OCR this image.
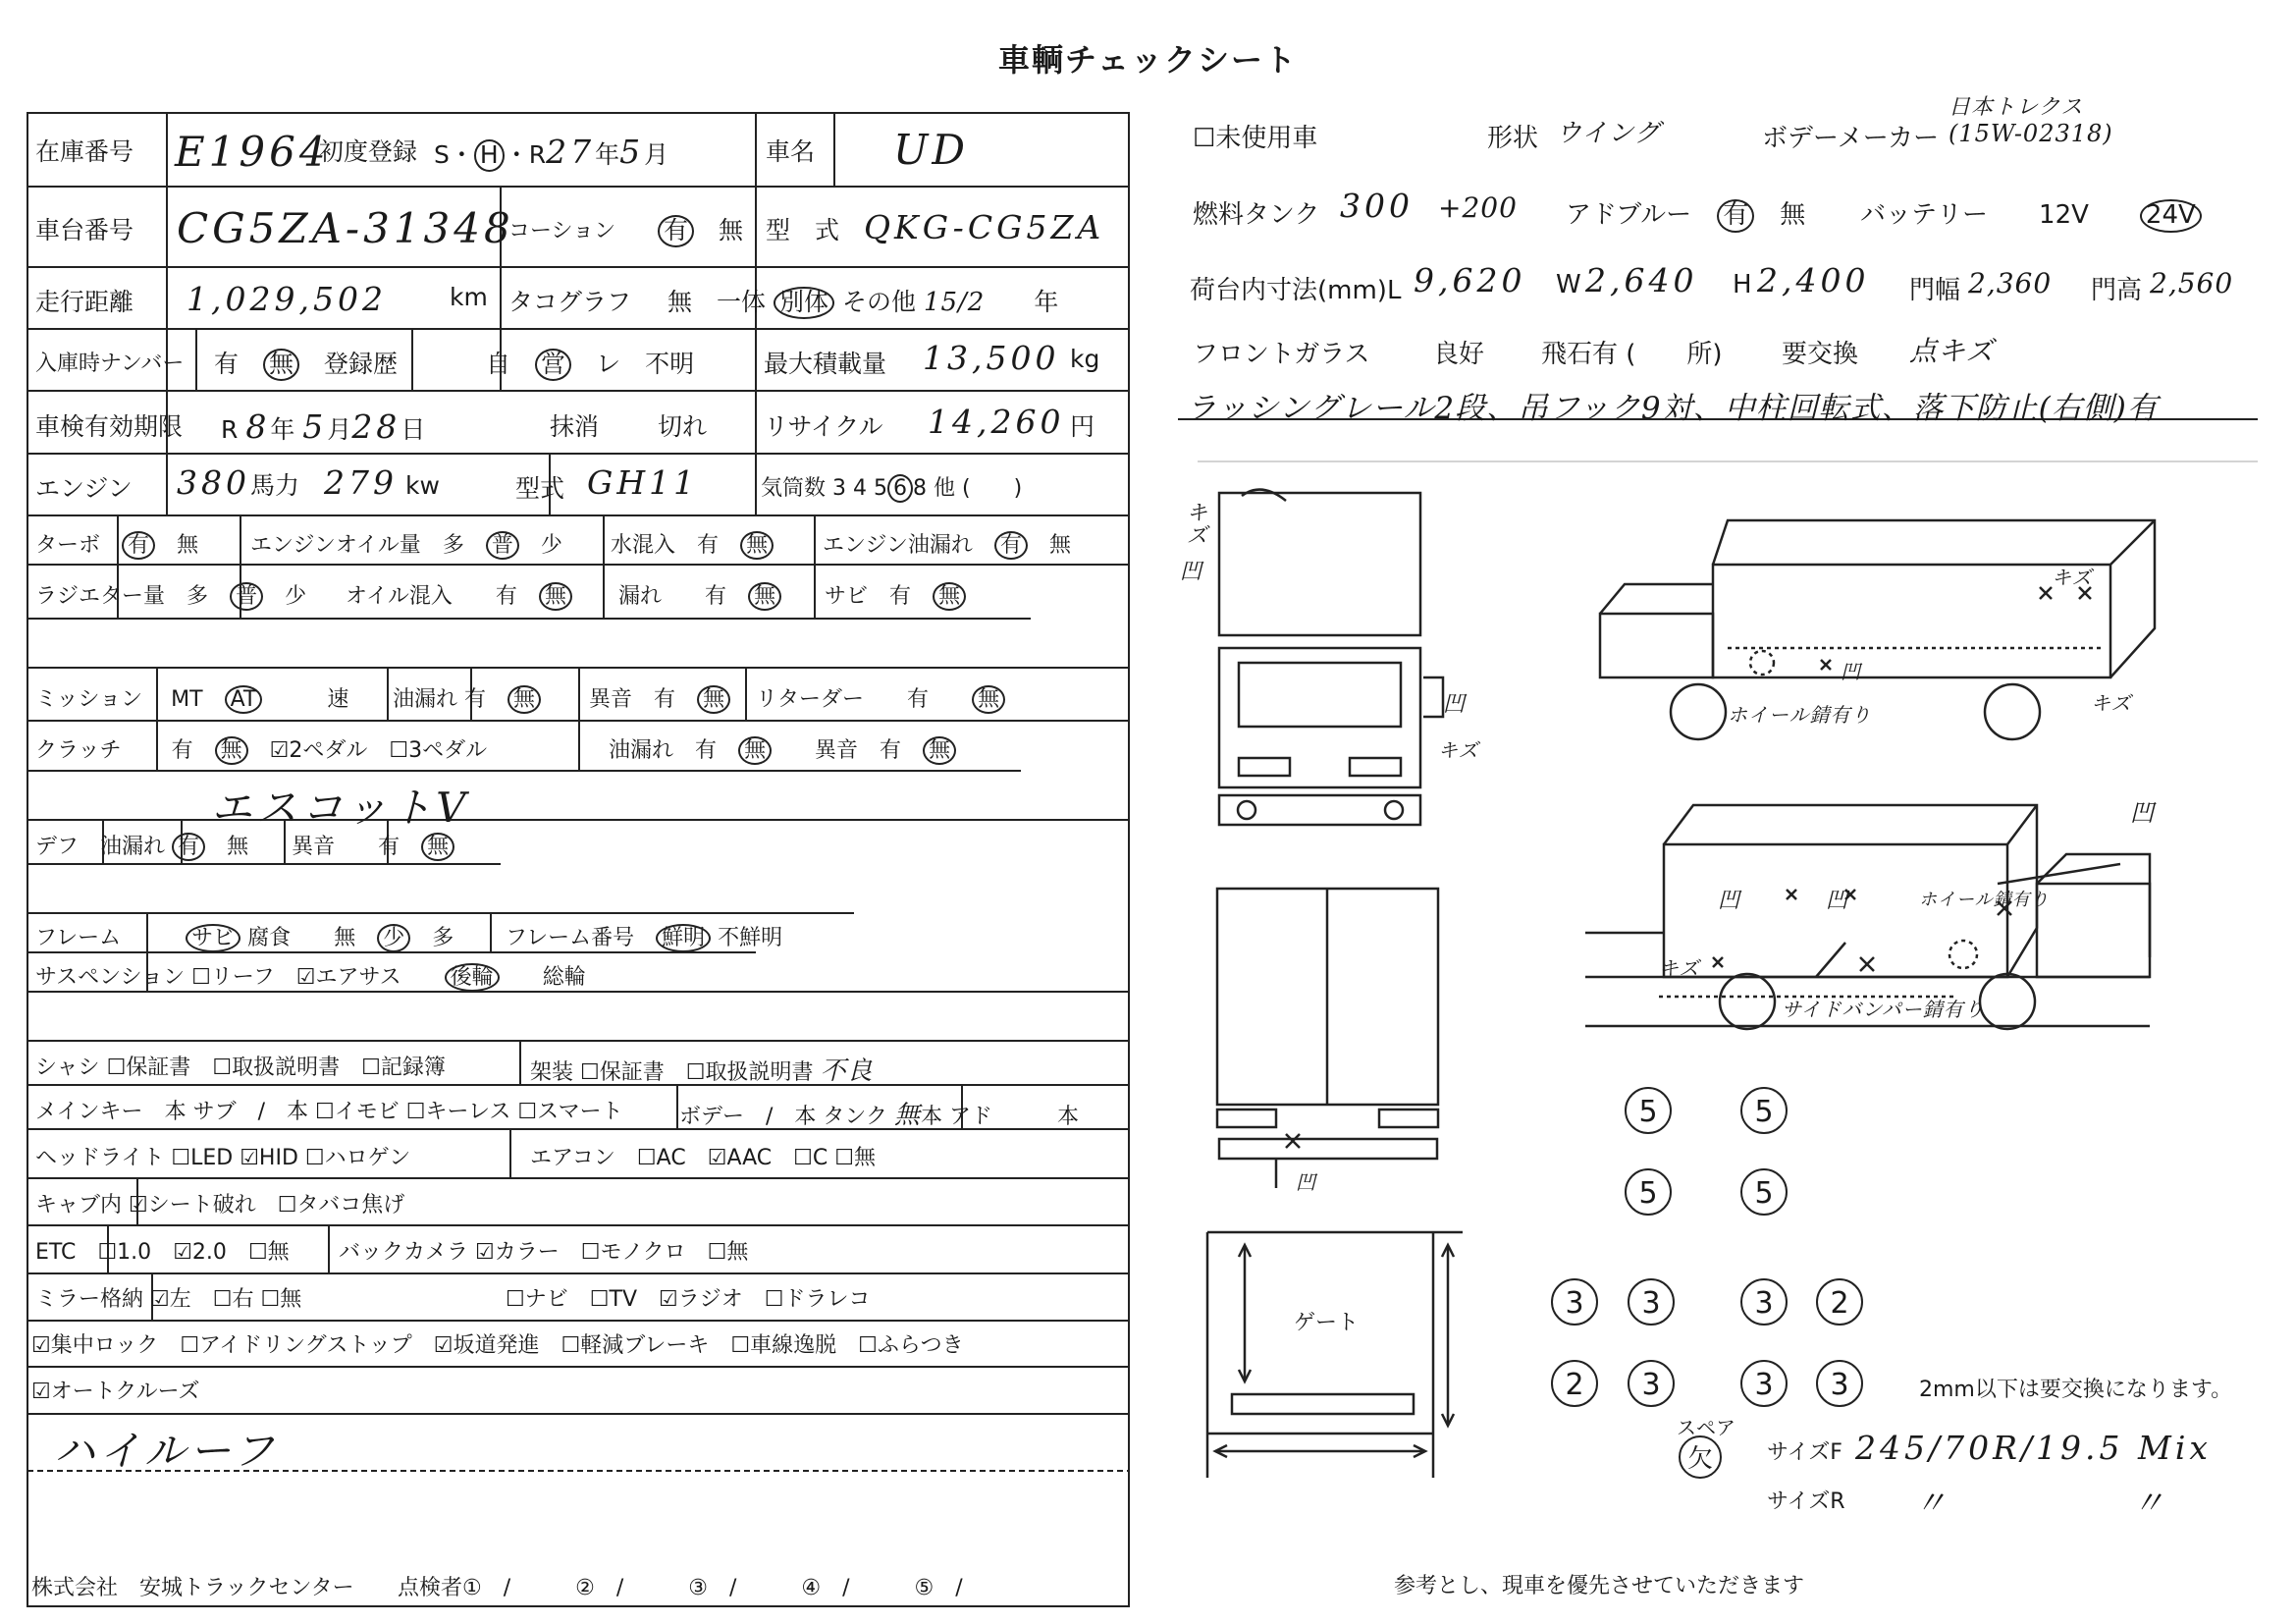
車輌チェックシート
在庫番号 E1964
初度登録 S・ H ・R27年5月	車名 UD
車台番号 CG5ZA-31348
コーション 有　 無 型　式 QKG-CG5ZA
走行距離 1,029,502	km タコグラフ 無　 一体 別体 その他 15/2　　 年
入庫時ナンバー 有　 無 登録歴	自　 営　 レ　 不明	最大積載量 13,500 kg
車検有効期限 R 8年 5月28日	抹消 切れ リサイクル 14,260 円
エンジン 380馬力　 279 kw	型式 GH11	気筒数 3 4 5 6 8 他 (　　)
ターボ　 有　 無 エンジンオイル量　 多　 普　 少 水混入　 有　 無	エンジン油漏れ　 有　 無
ラジエター量　 多　 普　 少 オイル混入　　 有　 無 漏れ　　 有　 無 サビ　 有　 無
ミッション　 MT　 AT　　　	速 油漏れ 有　 無 異音　 有　 無 リターダー　　 有　　 無
クラッチ　　 有　 無　 ☑ 2ペダル　 ☐ 3ペダル	油漏れ　 有　 無 異音　 有　 無
エスコットV
デフ　 油漏れ 有　 無　　 異音　　 有　 無
フレーム　　　	サビ 腐食　　 無　 少　 多 フレーム番号　 鮮明 不鮮明
サスペンション ☐ リーフ　 ☑ エアサス　　 後輪　　 総輪
シャシ ☐ 保証書　 ☐ 取扱説明書　 ☐ 記録簿	架装 ☐ 保証書　 ☐ 取扱説明書 不良
メインキー　 本 サブ　/　本 ☐ イモビ ☐ キーレス ☐ スマート	ボデー　/　本 タンク 無本 アド　　　	本
ヘッドライト ☐ LED ☑ HID ☐ ハロゲン	エアコン　 ☐ AC　 ☑ AAC　 ☐ C ☐ 無
キャブ内 ☑ シート破れ　 ☐ タバコ焦げ
ETC　 ☐ 1.0　 ☑ 2.0　 ☐ 無 バックカメラ ☑ カラー　 ☐ モノクロ　 ☐ 無
ミラー格納 ☑ 左　 ☐ 右 ☐ 無 ☐	ナビ　 ☐ TV　 ☑ ラジオ　 ☐ ドラレコ
☑ 集中ロック　 ☐ アイドリングストップ　 ☑ 坂道発進　 ☐ 軽減ブレーキ　 ☐ 車線逸脱　 ☐ ふらつき
☑ オートクルーズ
ハイルーフ
株式会社　安城トラックセンター 点検者①　/　　　②　/　　　③　/　　　④　/　　　⑤　/
☐ 未使用車	形状 ウイング	ボデーメーカー
日本トレクス
(15W-02318)
燃料タンク 300 +200 アドブルー　 有　 無 バッテリー　　 12V　　 24V
荷台内寸法(mm)L 9,620 W 2,640 H 2,400 門幅 2,360 門高 2,560
フロントガラス 良好 飛石有 (　　所) 要交換 点キズ
ラッシングレール2段、吊フック9対、中柱回転式、落下防止(右側)有
キズ
凹
凹
キズ
キズ
凹
ホイール錆有り	キズ
凹
凹	凹	ホイール錆有り
キズ
サイドバンパー錆有り
凹
ゲート
5	5
5	5
3	3	3	2
2	3	3	3	2mm以下は要交換になります。
スペア
欠	サイズF 245/70R/19.5 Mix
サイズR 〃　　　　　〃
参考とし、現車を優先させていただきます
